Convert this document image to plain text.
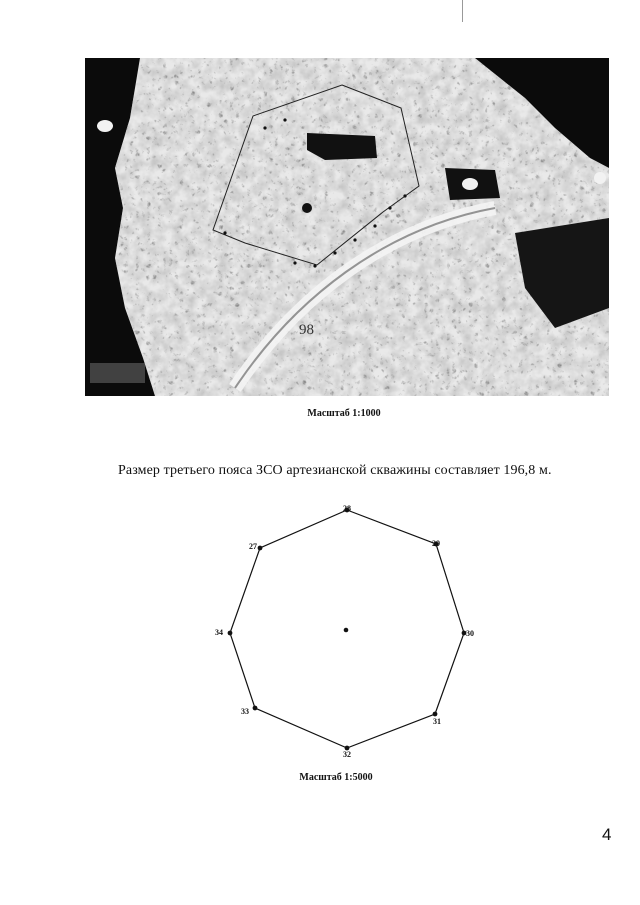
98
Масштаб 1:1000
Размер третьего пояса ЗСО артезианской скважины составляет 196,8 м.
28
29
30
31
32
33
34
27
Масштаб 1:5000
4
